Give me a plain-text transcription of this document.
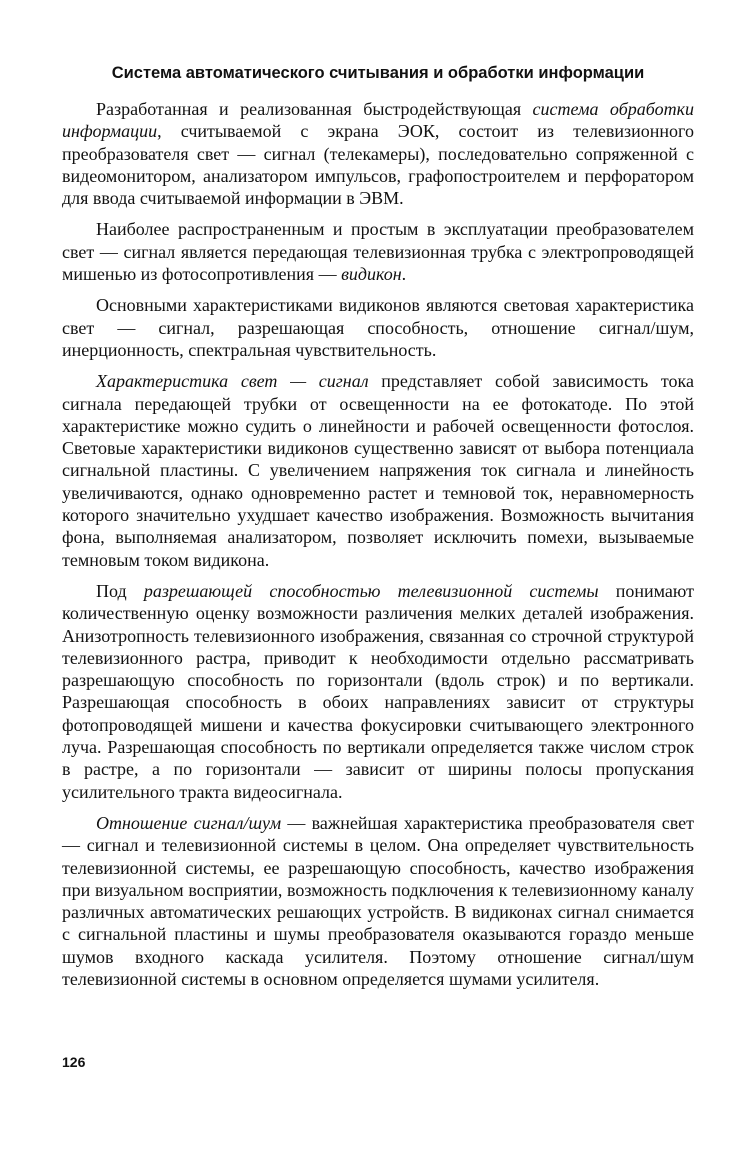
Система автоматического считывания и обработки информации

Разработанная и реализованная быстродействующая система обработки информации, считываемой с экрана ЭОК, состоит из телевизионного преобразователя свет — сигнал (телекамеры), последовательно сопряженной с видеомонитором, анализатором импульсов, графопостроителем и перфоратором для ввода считываемой информации в ЭВМ.

Наиболее распространенным и простым в эксплуатации преобразователем свет — сигнал является передающая телевизионная трубка с электропроводящей мишенью из фотосопротивления — видикон.

Основными характеристиками видиконов являются световая характеристика свет — сигнал, разрешающая способность, отношение сигнал/шум, инерционность, спектральная чувствительность.

Характеристика свет — сигнал представляет собой зависимость тока сигнала передающей трубки от освещенности на ее фотокатоде. По этой характеристике можно судить о линейности и рабочей освещенности фотослоя. Световые характеристики видиконов существенно зависят от выбора потенциала сигнальной пластины. С увеличением напряжения ток сигнала и линейность увеличиваются, однако одновременно растет и темновой ток, неравномерность которого значительно ухудшает качество изображения. Возможность вычитания фона, выполняемая анализатором, позволяет исключить помехи, вызываемые темновым током видикона.

Под разрешающей способностью телевизионной системы понимают количественную оценку возможности различения мелких деталей изображения. Анизотропность телевизионного изображения, связанная со строчной структурой телевизионного растра, приводит к необходимости отдельно рассматривать разрешающую способность по горизонтали (вдоль строк) и по вертикали. Разрешающая способность в обоих направлениях зависит от структуры фотопроводящей мишени и качества фокусировки считывающего электронного луча. Разрешающая способность по вертикали определяется также числом строк в растре, а по горизонтали — зависит от ширины полосы пропускания усилительного тракта видеосигнала.

Отношение сигнал/шум — важнейшая характеристика преобразователя свет — сигнал и телевизионной системы в целом. Она определяет чувствительность телевизионной системы, ее разрешающую способность, качество изображения при визуальном восприятии, возможность подключения к телевизионному каналу различных автоматических решающих устройств. В видиконах сигнал снимается с сигнальной пластины и шумы преобразователя оказываются гораздо меньше шумов входного каскада усилителя. Поэтому отношение сигнал/шум телевизионной системы в основном определяется шумами усилителя.

126
